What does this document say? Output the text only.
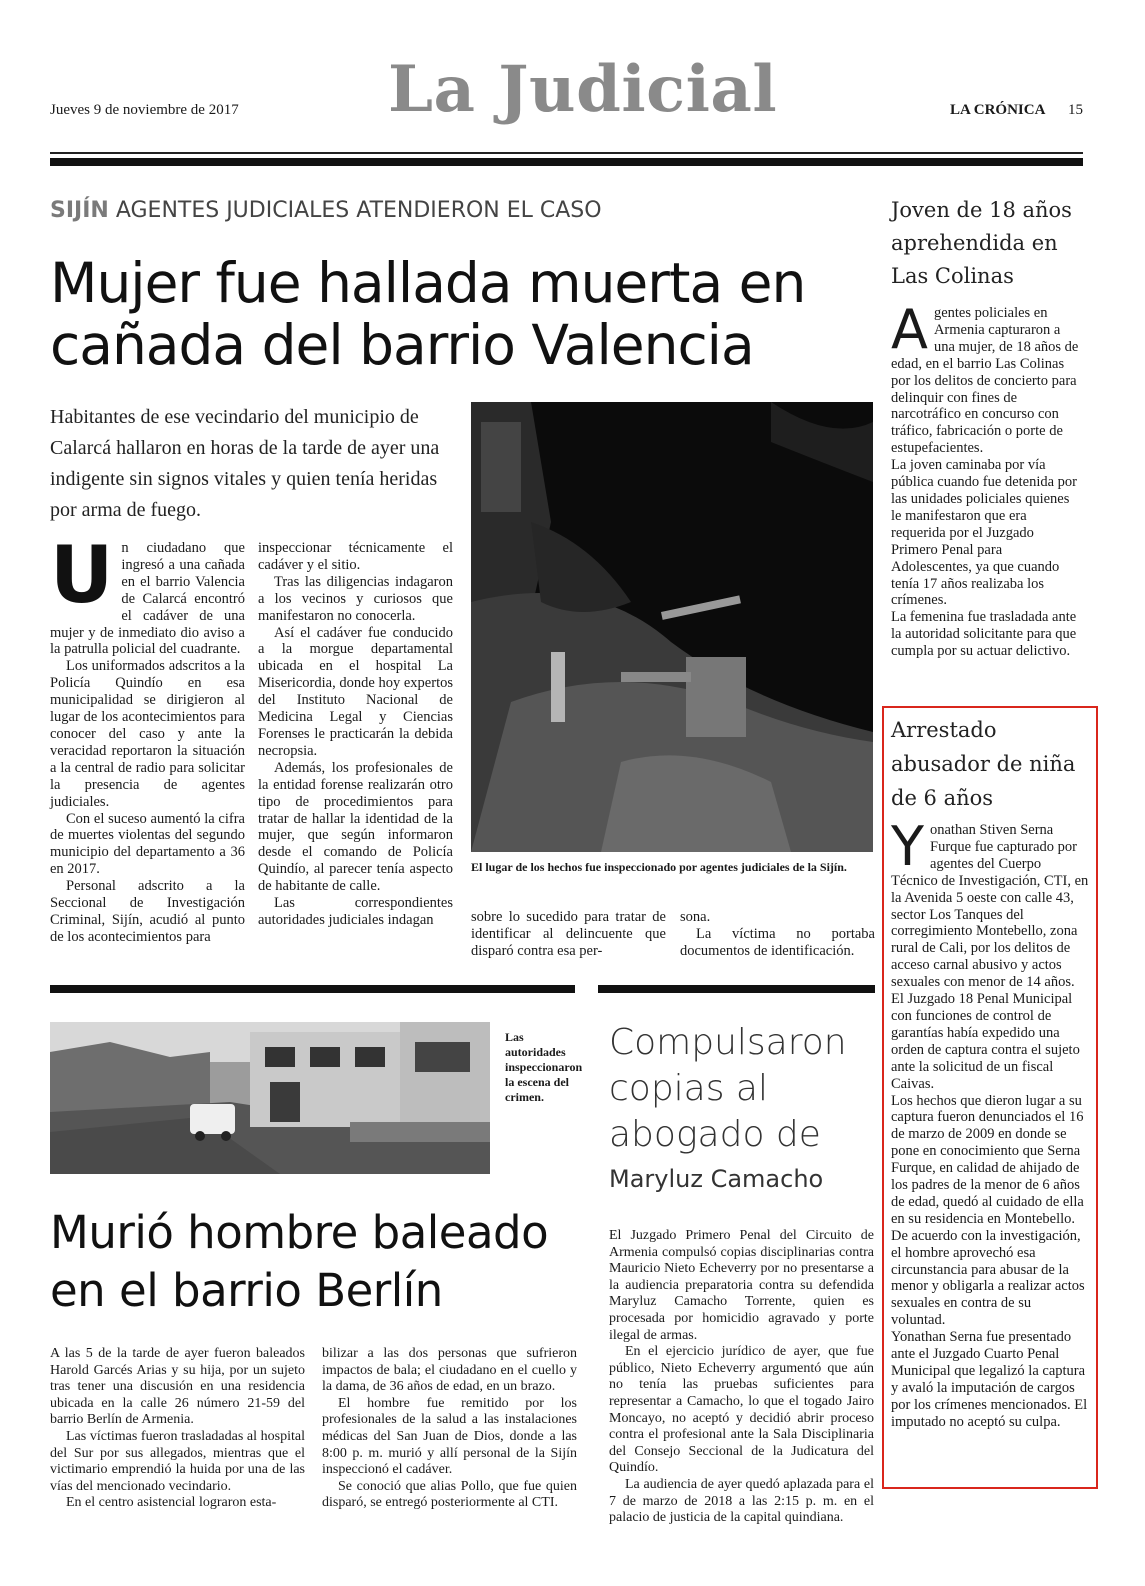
Jueves 9 de noviembre de 2017 La Judicial	LA CRÓNICA 15
SIJÍN AGENTES JUDICIALES ATENDIERON EL CASO
Mujer fue hallada muerta en cañada del barrio Valencia
Habitantes de ese vecindario del municipio de Calarcá hallaron en horas de la tarde de ayer una indigente sin signos vitales y quien tenía heridas por arma de fuego.

Un ciudadano que ingresó a una cañada en el barrio Valencia de Calarcá encontró el cadáver de una mujer y de inmediato dio aviso a la patrulla policial del cuadrante.

Los uniformados adscritos a la Policía Quindío en esa municipalidad se dirigieron al lugar de los acontecimientos para conocer del caso y ante la veracidad reportaron la situación a la central de radio para solicitar la presencia de agentes judiciales.

Con el suceso aumentó la cifra de muertes violentas del segundo municipio del departamento a 36 en 2017.

Personal adscrito a la Seccional de Investigación Criminal, Sijín, acudió al punto de los acontecimientos para

inspeccionar técnicamente el cadáver y el sitio.

Tras las diligencias indagaron a los vecinos y curiosos que manifestaron no conocerla.

Así el cadáver fue conducido a la morgue departamental ubicada en el hospital La Misericordia, donde hoy expertos del Instituto Nacional de Medicina Legal y Ciencias Forenses le practicarán la debida necropsia.

Además, los profesionales de la entidad forense realizarán otro tipo de procedimientos para tratar de hallar la identidad de la mujer, que según informaron desde el comando de Policía Quindío, al parecer tenía aspecto de habitante de calle.

Las correspondientes autoridades judiciales indagan

El lugar de los hechos fue inspeccionado por agentes judiciales de la Sijín.

sobre lo sucedido para tratar de identificar al delincuente que disparó contra esa per-

sona.

La víctima no portaba documentos de identificación.

Joven de 18 años aprehendida en Las Colinas

Agentes policiales en Armenia capturaron a una mujer, de 18 años de edad, en el barrio Las Colinas por los delitos de concierto para delinquir con fines de narcotráfico en concurso con tráfico, fabricación o porte de estupefacientes.

La joven caminaba por vía pública cuando fue detenida por las unidades policiales quienes le manifestaron que era requerida por el Juzgado Primero Penal para Adolescentes, ya que cuando tenía 17 años realizaba los crímenes.

La femenina fue trasladada ante la autoridad solicitante para que cumpla por su actuar delictivo.

Arrestado abusador de niña de 6 años

Yonathan Stiven Serna Furque fue capturado por agentes del Cuerpo Técnico de Investigación, CTI, en la Avenida 5 oeste con calle 43, sector Los Tanques del corregimiento Montebello, zona rural de Cali, por los delitos de acceso carnal abusivo y actos sexuales con menor de 14 años.

El Juzgado 18 Penal Municipal con funciones de control de garantías había expedido una orden de captura contra el sujeto ante la solicitud de un fiscal Caivas.

Los hechos que dieron lugar a su captura fueron denunciados el 16 de marzo de 2009 en donde se pone en conocimiento que Serna Furque, en calidad de ahijado de los padres de la menor de 6 años de edad, quedó al cuidado de ella en su residencia en Montebello. De acuerdo con la investigación, el hombre aprovechó esa circunstancia para abusar de la menor y obligarla a realizar actos sexuales en contra de su voluntad.

Yonathan Serna fue presentado ante el Juzgado Cuarto Penal Municipal que legalizó la captura y avaló la imputación de cargos por los crímenes mencionados. El imputado no aceptó su culpa.

Las autoridades inspeccionaron la escena del crimen.
Murió hombre baleado en el barrio Berlín

A las 5 de la tarde de ayer fueron baleados Harold Garcés Arias y su hija, por un sujeto tras tener una discusión en una residencia ubicada en la calle 26 número 21-59 del barrio Berlín de Armenia.

Las víctimas fueron trasladadas al hospital del Sur por sus allegados, mientras que el victimario emprendió la huida por una de las vías del mencionado vecindario.

En el centro asistencial lograron esta-

bilizar a las dos personas que sufrieron impactos de bala; el ciudadano en el cuello y la dama, de 36 años de edad, en un brazo.

El hombre fue remitido por los profesionales de la salud a las instalaciones médicas del San Juan de Dios, donde a las 8:00 p. m. murió y allí personal de la Sijín inspeccionó el cadáver.

Se conoció que alias Pollo, que fue quien disparó, se entregó posteriormente al CTI.

Compulsaron copias al abogado de
Maryluz Camacho

El Juzgado Primero Penal del Circuito de Armenia compulsó copias disciplinarias contra Mauricio Nieto Echeverry por no presentarse a la audiencia preparatoria contra su defendida Maryluz Camacho Torrente, quien es procesada por homicidio agravado y porte ilegal de armas.

En el ejercicio jurídico de ayer, que fue público, Nieto Echeverry argumentó que aún no tenía las pruebas suficientes para representar a Camacho, lo que el togado Jairo Moncayo, no aceptó y decidió abrir proceso contra el profesional ante la Sala Disciplinaria del Consejo Seccional de la Judicatura del Quindío.

La audiencia de ayer quedó aplazada para el 7 de marzo de 2018 a las 2:15 p. m. en el palacio de justicia de la capital quindiana.
